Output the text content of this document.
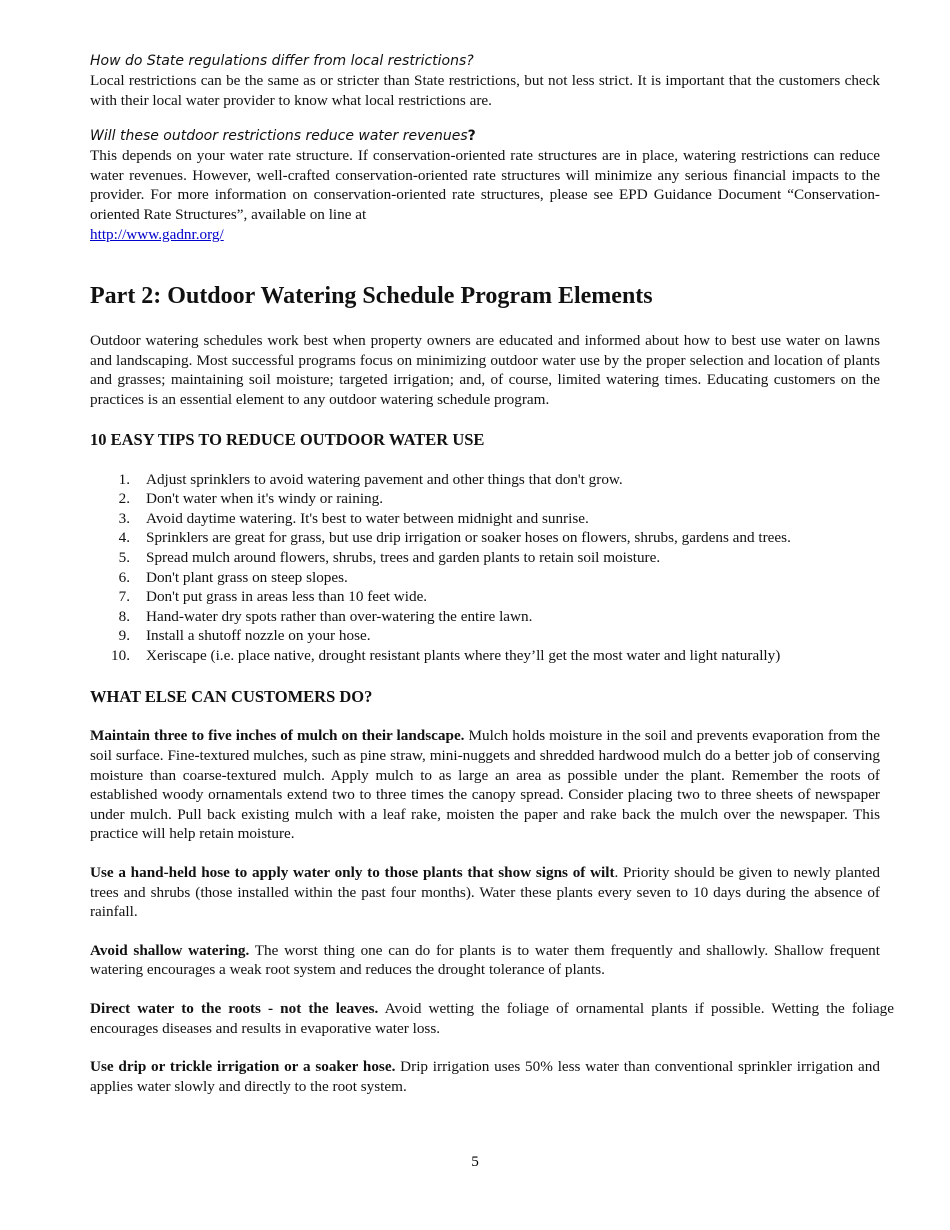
How do State regulations differ from local restrictions?

Local restrictions can be the same as or stricter than State restrictions, but not less strict. It is important that the customers check with their local water provider to know what local restrictions are.

Will these outdoor restrictions reduce water revenues?

This depends on your water rate structure. If conservation-oriented rate structures are in place, watering restrictions can reduce water revenues. However, well-crafted conservation-oriented rate structures will minimize any serious financial impacts to the provider. For more information on conservation-oriented rate structures, please see EPD Guidance Document “Conservation-oriented Rate Structures”, available on line at
http://www.gadnr.org/

Part 2: Outdoor Watering Schedule Program Elements

Outdoor watering schedules work best when property owners are educated and informed about how to best use water on lawns and landscaping. Most successful programs focus on minimizing outdoor water use by the proper selection and location of plants and grasses; maintaining soil moisture; targeted irrigation; and, of course, limited watering times. Educating customers on the practices is an essential element to any outdoor watering schedule program.

10 EASY TIPS TO REDUCE OUTDOOR WATER USE
1. Adjust sprinklers to avoid watering pavement and other things that don't grow.
2. Don't water when it's windy or raining.
3. Avoid daytime watering. It's best to water between midnight and sunrise.
4. Sprinklers are great for grass, but use drip irrigation or soaker hoses on flowers, shrubs, gardens and trees.
5. Spread mulch around flowers, shrubs, trees and garden plants to retain soil moisture.
6. Don't plant grass on steep slopes.
7. Don't put grass in areas less than 10 feet wide.
8. Hand-water dry spots rather than over-watering the entire lawn.
9. Install a shutoff nozzle on your hose.
10. Xeriscape (i.e. place native, drought resistant plants where they’ll get the most water and light naturally)
WHAT ELSE CAN CUSTOMERS DO?

Maintain three to five inches of mulch on their landscape. Mulch holds moisture in the soil and prevents evaporation from the soil surface. Fine-textured mulches, such as pine straw, mini-nuggets and shredded hardwood mulch do a better job of conserving moisture than coarse-textured mulch. Apply mulch to as large an area as possible under the plant. Remember the roots of established woody ornamentals extend two to three times the canopy spread. Consider placing two to three sheets of newspaper under mulch. Pull back existing mulch with a leaf rake, moisten the paper and rake back the mulch over the newspaper. This practice will help retain moisture.

Use a hand-held hose to apply water only to those plants that show signs of wilt. Priority should be given to newly planted trees and shrubs (those installed within the past four months). Water these plants every seven to 10 days during the absence of rainfall.

Avoid shallow watering. The worst thing one can do for plants is to water them frequently and shallowly. Shallow frequent watering encourages a weak root system and reduces the drought tolerance of plants.

Direct water to the roots - not the leaves. Avoid wetting the foliage of ornamental plants if possible. Wetting the foliage encourages diseases and results in evaporative water loss.

Use drip or trickle irrigation or a soaker hose. Drip irrigation uses 50% less water than conventional sprinkler irrigation and applies water slowly and directly to the root system.

5
